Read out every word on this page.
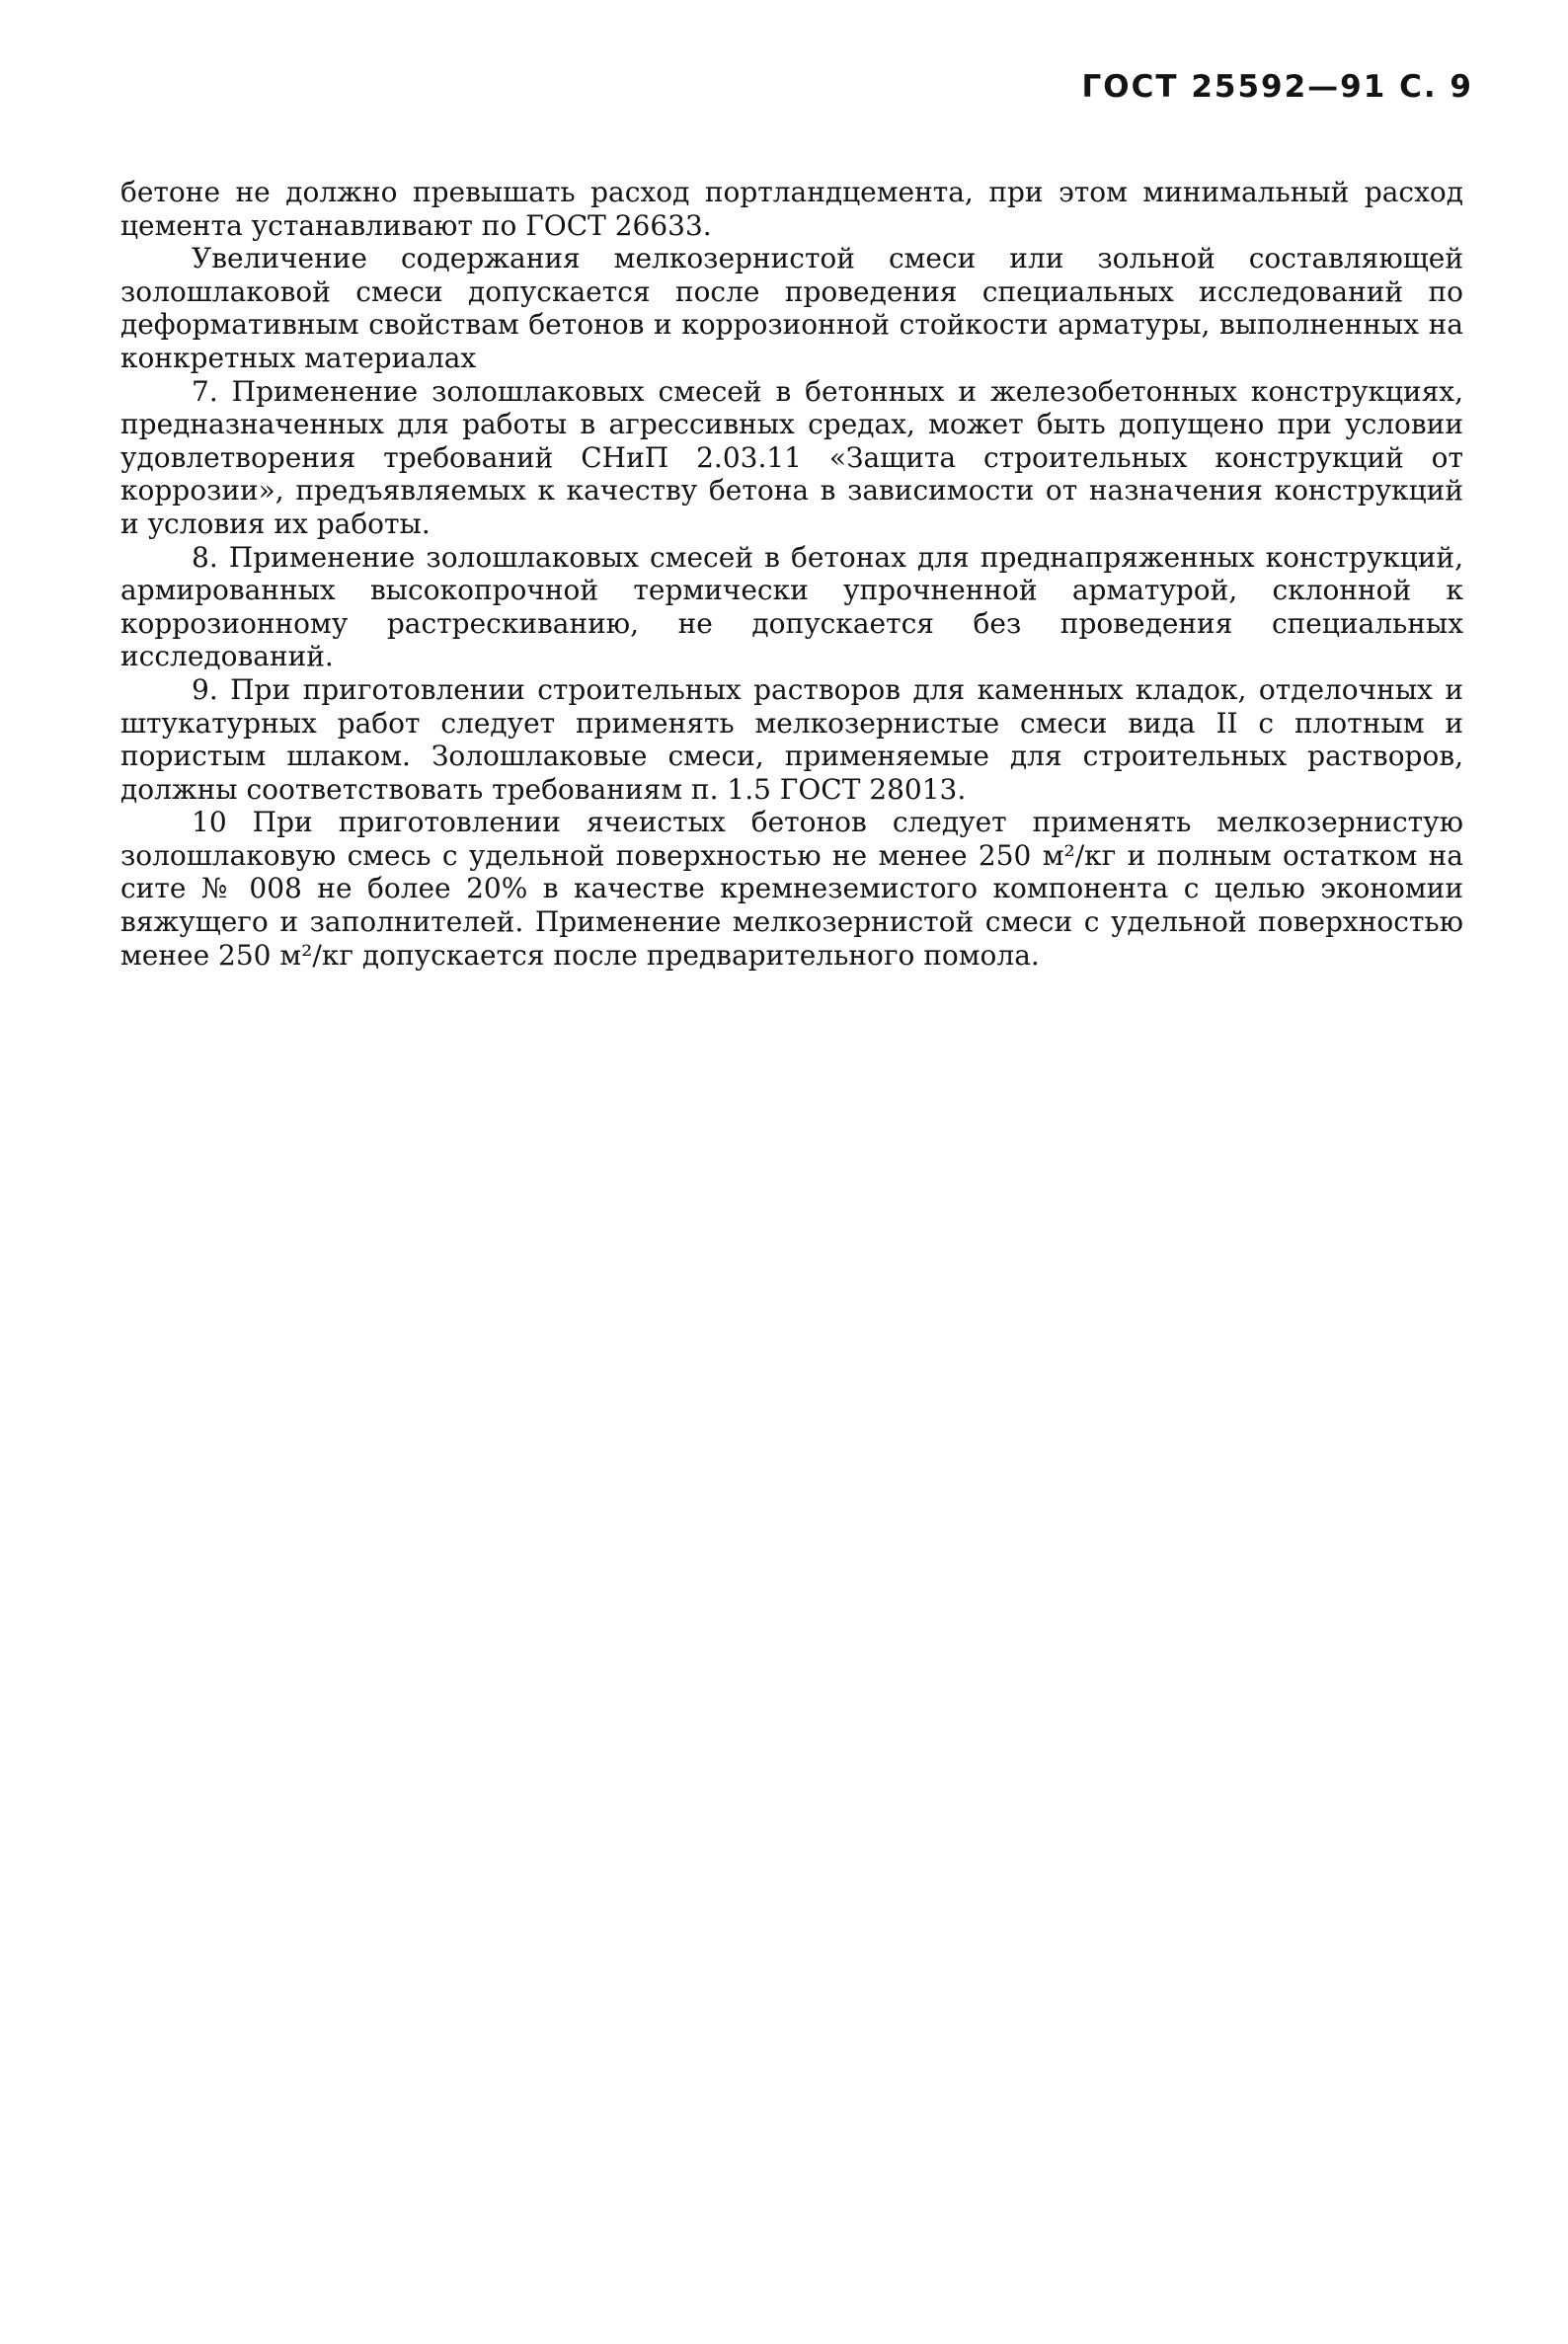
ГОСТ 25592—91 С. 9

бетоне не должно превышать расход портландцемента, при этом минимальный расход цемента устанавливают по ГОСТ 26633.

Увеличение содержания мелкозернистой смеси или зольной составляющей золошлаковой смеси допускается после проведения специальных исследований по деформативным свойствам бетонов и коррозионной стойкости арматуры, выполненных на конкретных материалах

7. Применение золошлаковых смесей в бетонных и железобетонных конструкциях, предназначенных для работы в агрессивных средах, может быть допущено при условии удовлетворения требований СНиП 2.03.11 «Защита строительных конструкций от коррозии», предъявляемых к качеству бетона в зависимости от назначения конструкций и условия их работы.

8. Применение золошлаковых смесей в бетонах для преднапряженных конструкций, армированных высокопрочной термически упрочненной арматурой, склонной к коррозионному растрескиванию, не допускается без проведения специальных исследований.

9. При приготовлении строительных растворов для каменных кладок, отделочных и штукатурных работ следует применять мелкозернистые смеси вида II с плотным и пористым шлаком. Золошлаковые смеси, применяемые для строительных растворов, должны соответствовать требованиям п. 1.5 ГОСТ 28013.

10 При приготовлении ячеистых бетонов следует применять мелкозернистую золошлаковую смесь с удельной поверхностью не менее 250 м²/кг и полным остатком на сите № 008 не более 20% в качестве кремнеземистого компонента с целью экономии вяжущего и заполнителей. Применение мелкозернистой смеси с удельной поверхностью менее 250 м²/кг допускается после предварительного помола.
